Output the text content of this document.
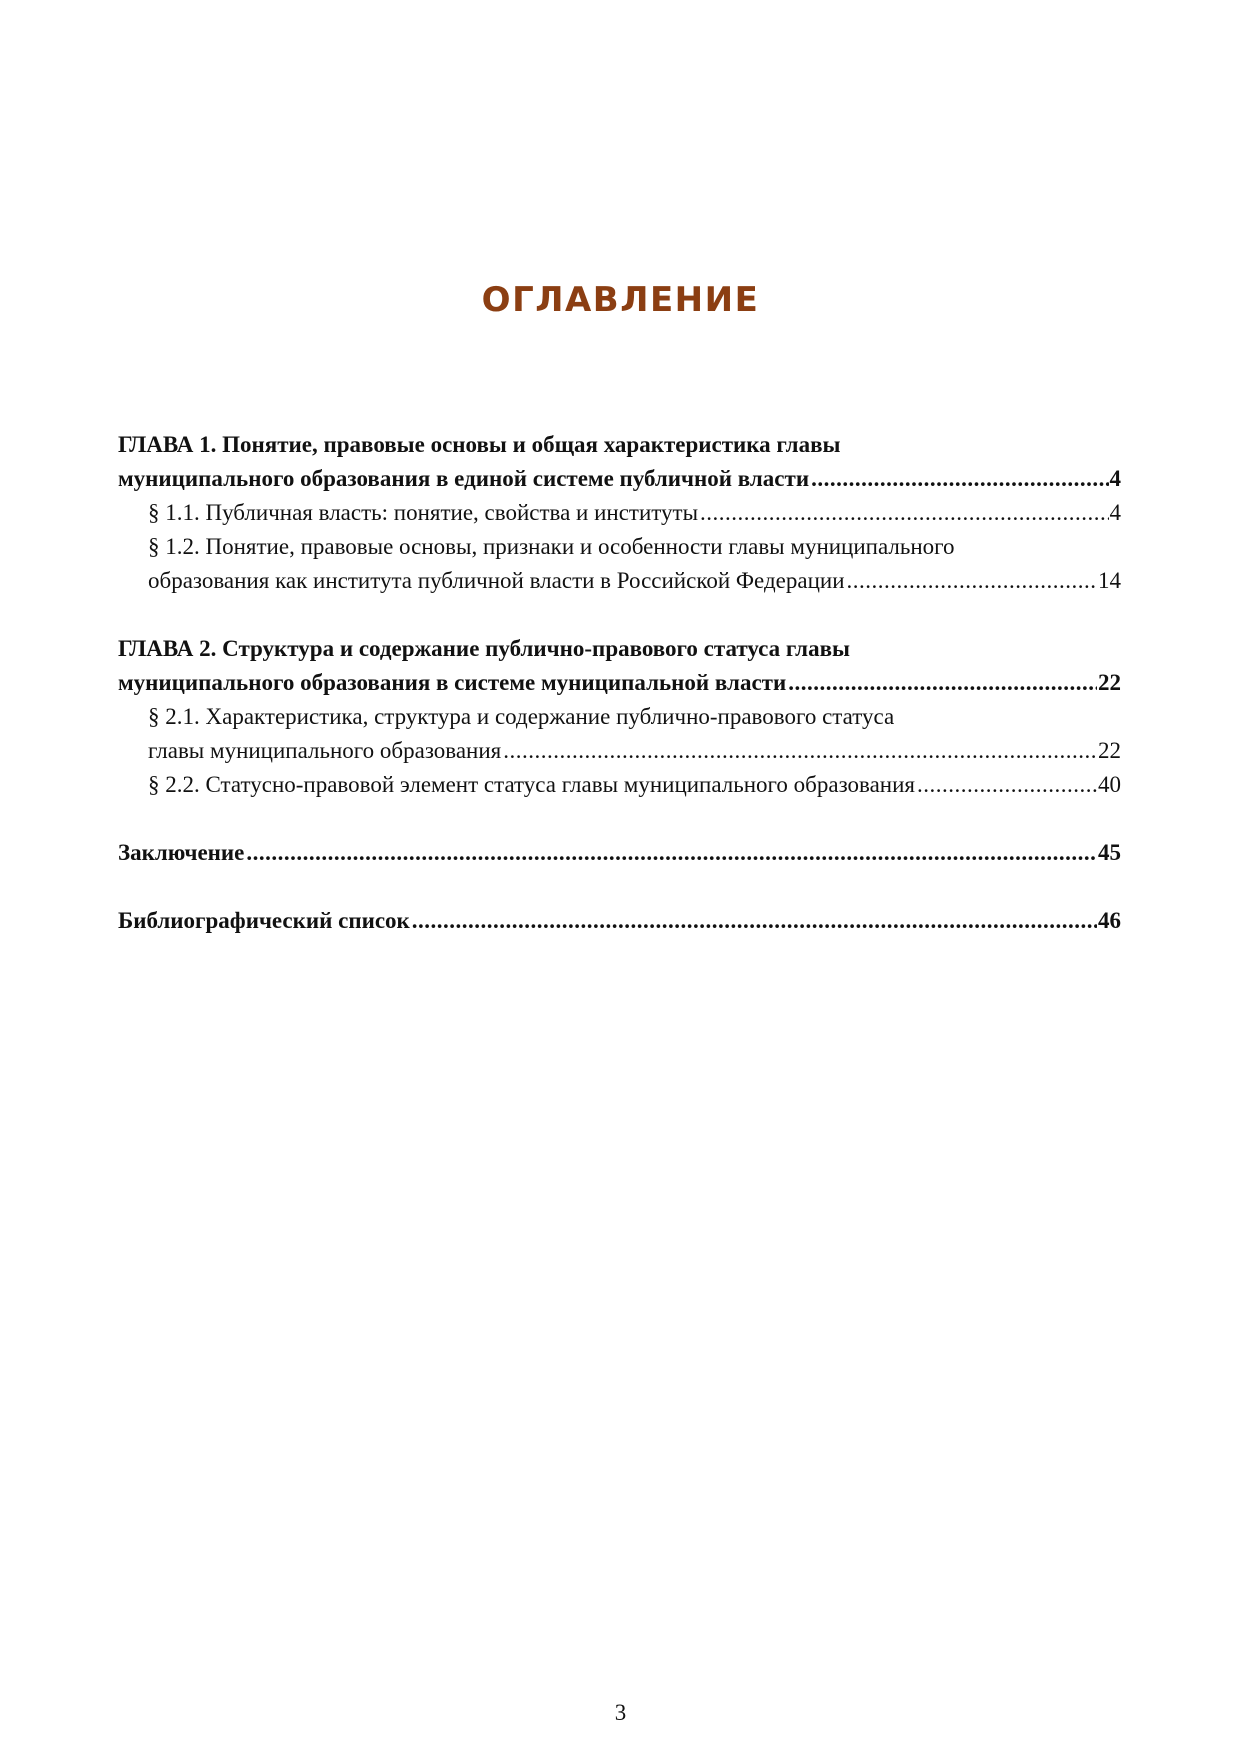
ОГЛАВЛЕНИЕ
ГЛАВА 1. Понятие, правовые основы и общая характеристика главы
муниципального образования в единой системе публичной власти .....	4
§ 1.1. Публичная власть: понятие, свойства и институты .....	4
§ 1.2. Понятие, правовые основы, признаки и особенности главы муниципального
образования как института публичной власти в Российской Федерации .....	14
ГЛАВА 2. Структура и содержание публично-правового статуса главы
муниципального образования в системе муниципальной власти .....	22
§ 2.1. Характеристика, структура и содержание публично-правового статуса
главы муниципального образования .....	22
§ 2.2. Статусно-правовой элемент статуса главы муниципального образования .....	40
Заключение .....	45
Библиографический список .....	46
3
